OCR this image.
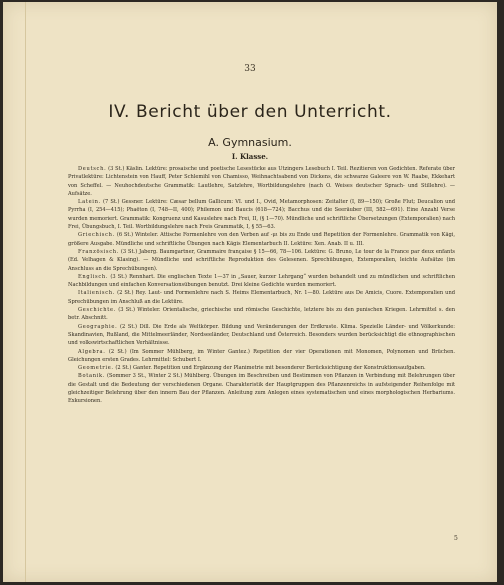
33
IV. Bericht über den Unterricht.
A. Gymnasium.
I. Klasse.

Deutsch. (3 St.) Käslin. Lektüre: prosaische und poetische Lesestücke aus Utzingers Lesebuch I. Teil. Rezitieren von Gedichten. Referate über Privatlektüre: Lichtenstein von Hauff, Peter Schlemihl von Chamisso, Weihnachtsabend von Dickens, die schwarze Galeere von W. Raabe, Ekkehart von Scheffel. — Neuhochdeutsche Grammatik: Lautlehre, Satzlehre, Wortbildungslehre (nach O. Weises deutscher Sprach- und Stillehre). — Aufsätze.

Latein. (7 St.) Gessner. Lektüre: Cæsar bellum Gallicum: VI. und I., Ovid, Metamorphosen: Zeitalter (I, 89—150); Große Flut; Deucalion und Pyrrha (I, 254—415); Phaëton (I, 748—II, 400); Philemon und Baucis (618—724); Bacchus und die Seeräuber (III, 582—691). Eine Anzahl Verse wurden memoriert. Grammatik: Kongruenz und Kasuslehre nach Frei, II, (§ 1—70). Mündliche und schriftliche Übersetzungen (Extemporalien) nach Frei, Übungsbuch, I. Teil. Wortbildungslehre nach Freis Grammatik, I, § 55—63.

Griechisch. (6 St.) Winteler. Attische Formenlehre von den Verben auf -μι bis zu Ende und Repetition der Formenlehre. Grammatik von Kägi, größere Ausgabe. Mündliche und schriftliche Übungen nach Kägis Elementarbuch II. Lektüre: Xen. Anab. II u. III.

Französisch. (3 St.) Jaberg. Baumgartner, Grammaire française § 15—66, 78—106. Lektüre: G. Bruno, Le tour de la France par deux enfants (Ed. Velhagen & Klasing). — Mündliche und schriftliche Reproduktion des Gelesenen. Sprechübungen, Extemporalien, leichte Aufsätze (im Anschluss an die Sprechübungen).

Englisch. (3 St.) Rennhart. Die englischen Texte 1—37 in „Sauer, kurzer Lehrgang“ wurden behandelt und zu mündlichen und schriftlichen Nachbildungen und einfachen Konversationsübungen benutzt. Drei kleine Gedichte wurden memoriert.

Italienisch. (2 St.) Rey. Laut- und Formenlehre nach S. Heims Elementarbuch, Nr. 1—80. Lektüre aus De Amicis, Cuore. Extemporalien und Sprechübungen im Anschluß an die Lektüre.

Geschichte. (3 St.) Winteler. Orientalische, griechische und römische Geschichte, letztere bis zu den punischen Kriegen. Lehrmittel s. den betr. Abschnitt.

Geographie. (2 St.) Dill. Die Erde als Weltkörper. Bildung und Veränderungen der Erdkruste. Klima. Spezielle Länder- und Völkerkunde: Skandinavien, Rußland, die Mittelmeerländer, Nordseeländer, Deutschland und Österreich. Besonders wurden berücksichtigt die ethnographischen und volkswirtschaftlichen Verhältnisse.

Algebra. (2 St.) (Im Sommer Mühlberg, im Winter Gantez.) Repetition der vier Operationen mit Monomen, Polynomen und Brüchen. Gleichungen ersten Grades. Lehrmittel: Schubert I.

Geometrie. (2 St.) Ganter. Repetition und Ergänzung der Planimetrie mit besonderer Berücksichtigung der Konstruktionsaufgaben.

Botanik. (Sommer 3 St., Winter 2 St.) Mühlberg. Übungen im Beschreiben und Bestimmen von Pflanzen in Verbindung mit Belehrungen über die Gestalt und die Bedeutung der verschiedenen Organe. Charakteristik der Hauptgruppen des Pflanzenreichs in aufsteigender Reihenfolge mit gleichzeitiger Belehrung über den innern Bau der Pflanzen. Anleitung zum Anlegen eines systematischen und eines morphologischen Herbariums. Exkursionen.

5
